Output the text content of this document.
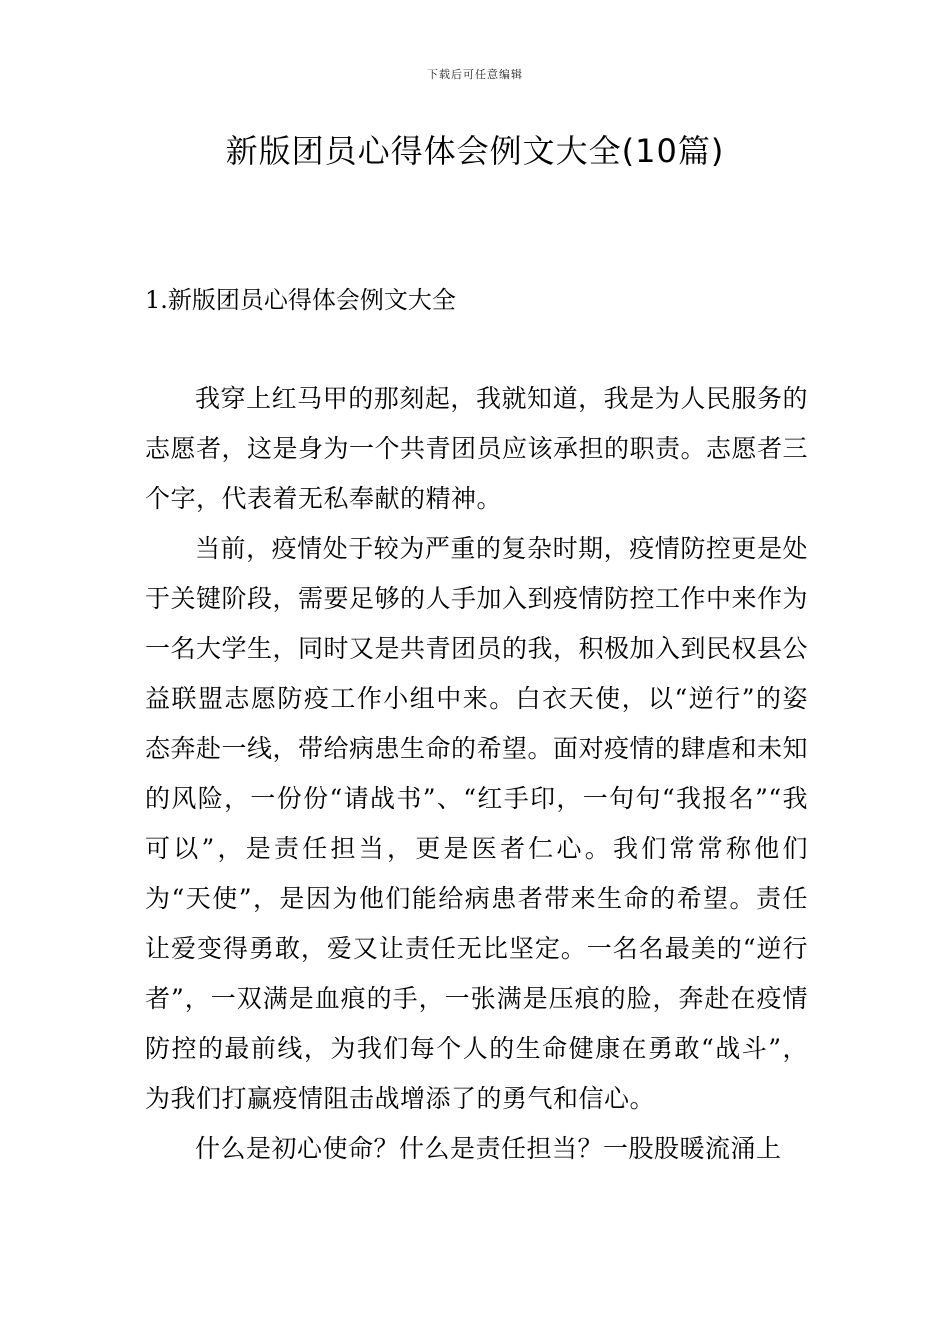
下载后可任意编辑
新版团员心得体会例文大全(10篇)
1.新版团员心得体会例文大全

我穿上红马甲的那刻起，我就知道，我是为人民服务的志愿者，这是身为一个共青团员应该承担的职责。志愿者三个字，代表着无私奉献的精神。

当前，疫情处于较为严重的复杂时期，疫情防控更是处于关键阶段，需要足够的人手加入到疫情防控工作中来作为一名大学生，同时又是共青团员的我，积极加入到民权县公益联盟志愿防疫工作小组中来。白衣天使，以“逆行”的姿态奔赴一线，带给病患生命的希望。面对疫情的肆虐和未知的风险，一份份“请战书”、“红手印，一句句“我报名”“我可以”，是责任担当，更是医者仁心。我们常常称他们为“天使”，是因为他们能给病患者带来生命的希望。责任让爱变得勇敢，爱又让责任无比坚定。一名名最美的“逆行者”，一双满是血痕的手，一张满是压痕的脸，奔赴在疫情防控的最前线，为我们每个人的生命健康在勇敢“战斗”，为我们打赢疫情阻击战增添了的勇气和信心。

什么是初心使命？什么是责任担当？一股股暖流涌上
